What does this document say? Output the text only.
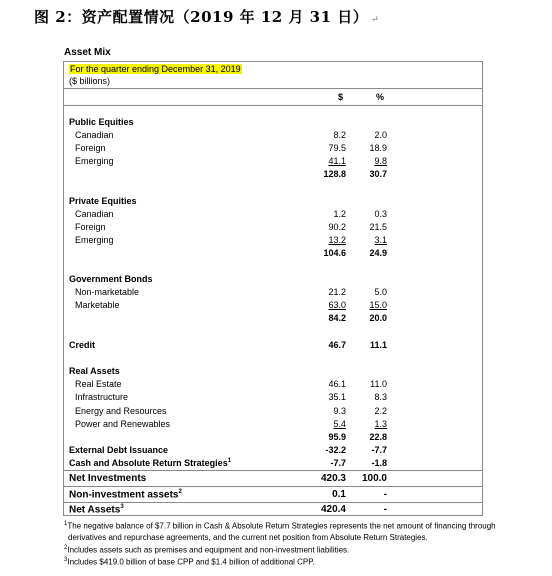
图 2：资产配置情况（2019 年 12 月 31 日） ↵
Asset Mix
For the quarter ending December 31, 2019
($ billions)
$	%
Public Equities
Canadian	8.2	2.0
Foreign	79.5	18.9
Emerging	41.1	9.8
128.8	30.7
Private Equities
Canadian	1.2	0.3
Foreign	90.2	21.5
Emerging	13.2	3.1
104.6	24.9
Government Bonds
Non-marketable	21.2	5.0
Marketable	63.0	15.0
84.2	20.0
Credit	46.7	11.1
Real Assets
Real Estate	46.1	11.0
Infrastructure	35.1	8.3
Energy and Resources	9.3	2.2
Power and Renewables	5.4	1.3
95.9	22.8
External Debt Issuance	-32.2	-7.7
Cash and Absolute Return Strategies$^1$	-7.7	-1.8
Net Investments	420.3 100.0
Non-investment assets$^2$	0.1	-
Net Assets$^3$	420.4	-
$^1$The negative balance of $7.7 billion in Cash & Absolute Return Strategies represents the net amount of financing through
derivatives and repurchase agreements, and the current net position from Absolute Return Strategies.
$^2$Includes assets such as premises and equipment and non-investment liabilities.
$^3$Includes $419.0 billion of base CPP and $1.4 billion of additional CPP.
